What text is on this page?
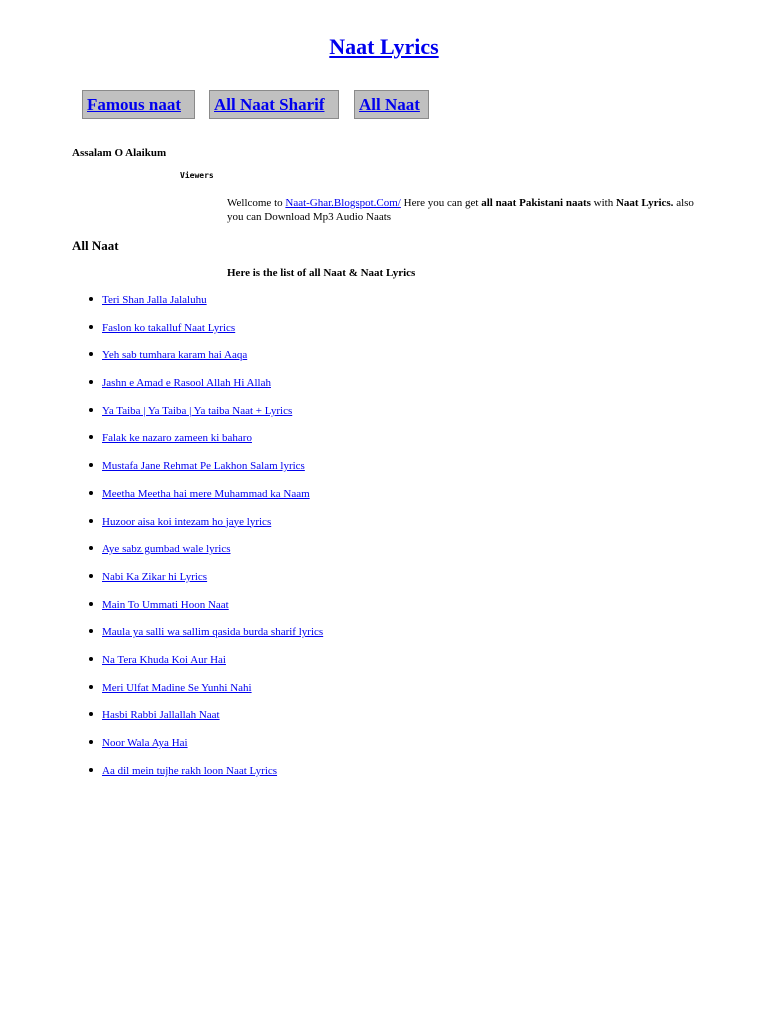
Naat Lyrics
Famous naat	All Naat Sharif	All Naat
Assalam O Alaikum
Viewers
Wellcome to Naat-Ghar.Blogspot.Com/ Here you can get all naat Pakistani naats with Naat Lyrics. also you can Download Mp3 Audio Naats
All Naat
Here is the list of all Naat & Naat Lyrics
Teri Shan Jalla Jalaluhu
Faslon ko takalluf Naat Lyrics
Yeh sab tumhara karam hai Aaqa
Jashn e Amad e Rasool Allah Hi Allah
Ya Taiba | Ya Taiba | Ya taiba Naat + Lyrics
Falak ke nazaro zameen ki baharo
Mustafa Jane Rehmat Pe Lakhon Salam lyrics
Meetha Meetha hai mere Muhammad ka Naam
Huzoor aisa koi intezam ho jaye lyrics
Aye sabz gumbad wale lyrics
Nabi Ka Zikar hi Lyrics
Main To Ummati Hoon Naat
Maula ya salli wa sallim qasida burda sharif lyrics
Na Tera Khuda Koi Aur Hai
Meri Ulfat Madine Se Yunhi Nahi
Hasbi Rabbi Jallallah Naat
Noor Wala Aya Hai
Aa dil mein tujhe rakh loon Naat Lyrics
